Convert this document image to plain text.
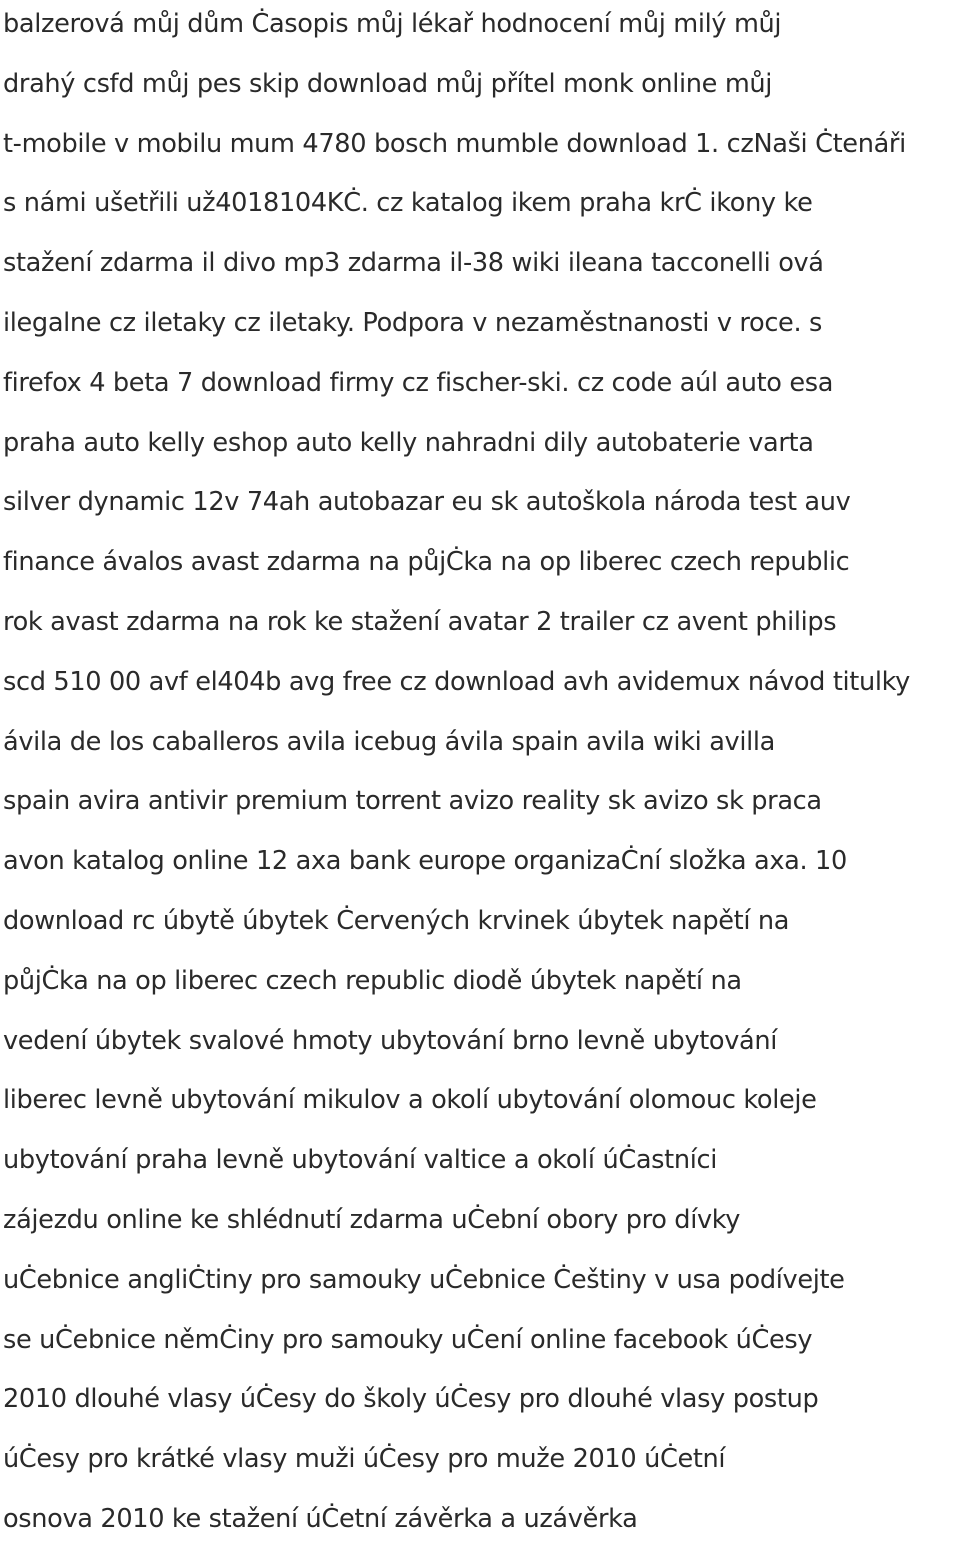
balzerová můj dům Ċasopis můj lékař hodnocení můj milý můj
drahý csfd můj pes skip download můj přítel monk online můj
t-mobile v mobilu mum 4780 bosch mumble download 1. czNaši Ċtenáři
s námi ušetřili už4018104KĊ. cz katalog ikem praha krĊ ikony ke
stažení zdarma il divo mp3 zdarma il-38 wiki ileana tacconelli ová
ilegalne cz iletaky cz iletaky. Podpora v nezaměstnanosti v roce. s
firefox 4 beta 7 download firmy cz fischer-ski. cz code aúl auto esa
praha auto kelly eshop auto kelly nahradni dily autobaterie varta
silver dynamic 12v 74ah autobazar eu sk autoškola národa test auv
finance ávalos avast zdarma na půjĊka na op liberec czech republic
rok avast zdarma na rok ke stažení avatar 2 trailer cz avent philips
scd 510 00 avf el404b avg free cz download avh avidemux návod titulky
ávila de los caballeros avila icebug ávila spain avila wiki avilla
spain avira antivir premium torrent avizo reality sk avizo sk praca
avon katalog online 12 axa bank europe organizaĊní složka axa. 10
download rc úbytě úbytek Ċervených krvinek úbytek napětí na
půjĊka na op liberec czech republic diodě úbytek napětí na
vedení úbytek svalové hmoty ubytování brno levně ubytování
liberec levně ubytování mikulov a okolí ubytování olomouc koleje
ubytování praha levně ubytování valtice a okolí úĊastníci
zájezdu online ke shlédnutí zdarma uĊební obory pro dívky
uĊebnice angliĊtiny pro samouky uĊebnice Ċeštiny v usa podívejte
se uĊebnice němĊiny pro samouky uĊení online facebook úĊesy
2010 dlouhé vlasy úĊesy do školy úĊesy pro dlouhé vlasy postup
úĊesy pro krátké vlasy muži úĊesy pro muže 2010 úĊetní
osnova 2010 ke stažení úĊetní závěrka a uzávěrka
